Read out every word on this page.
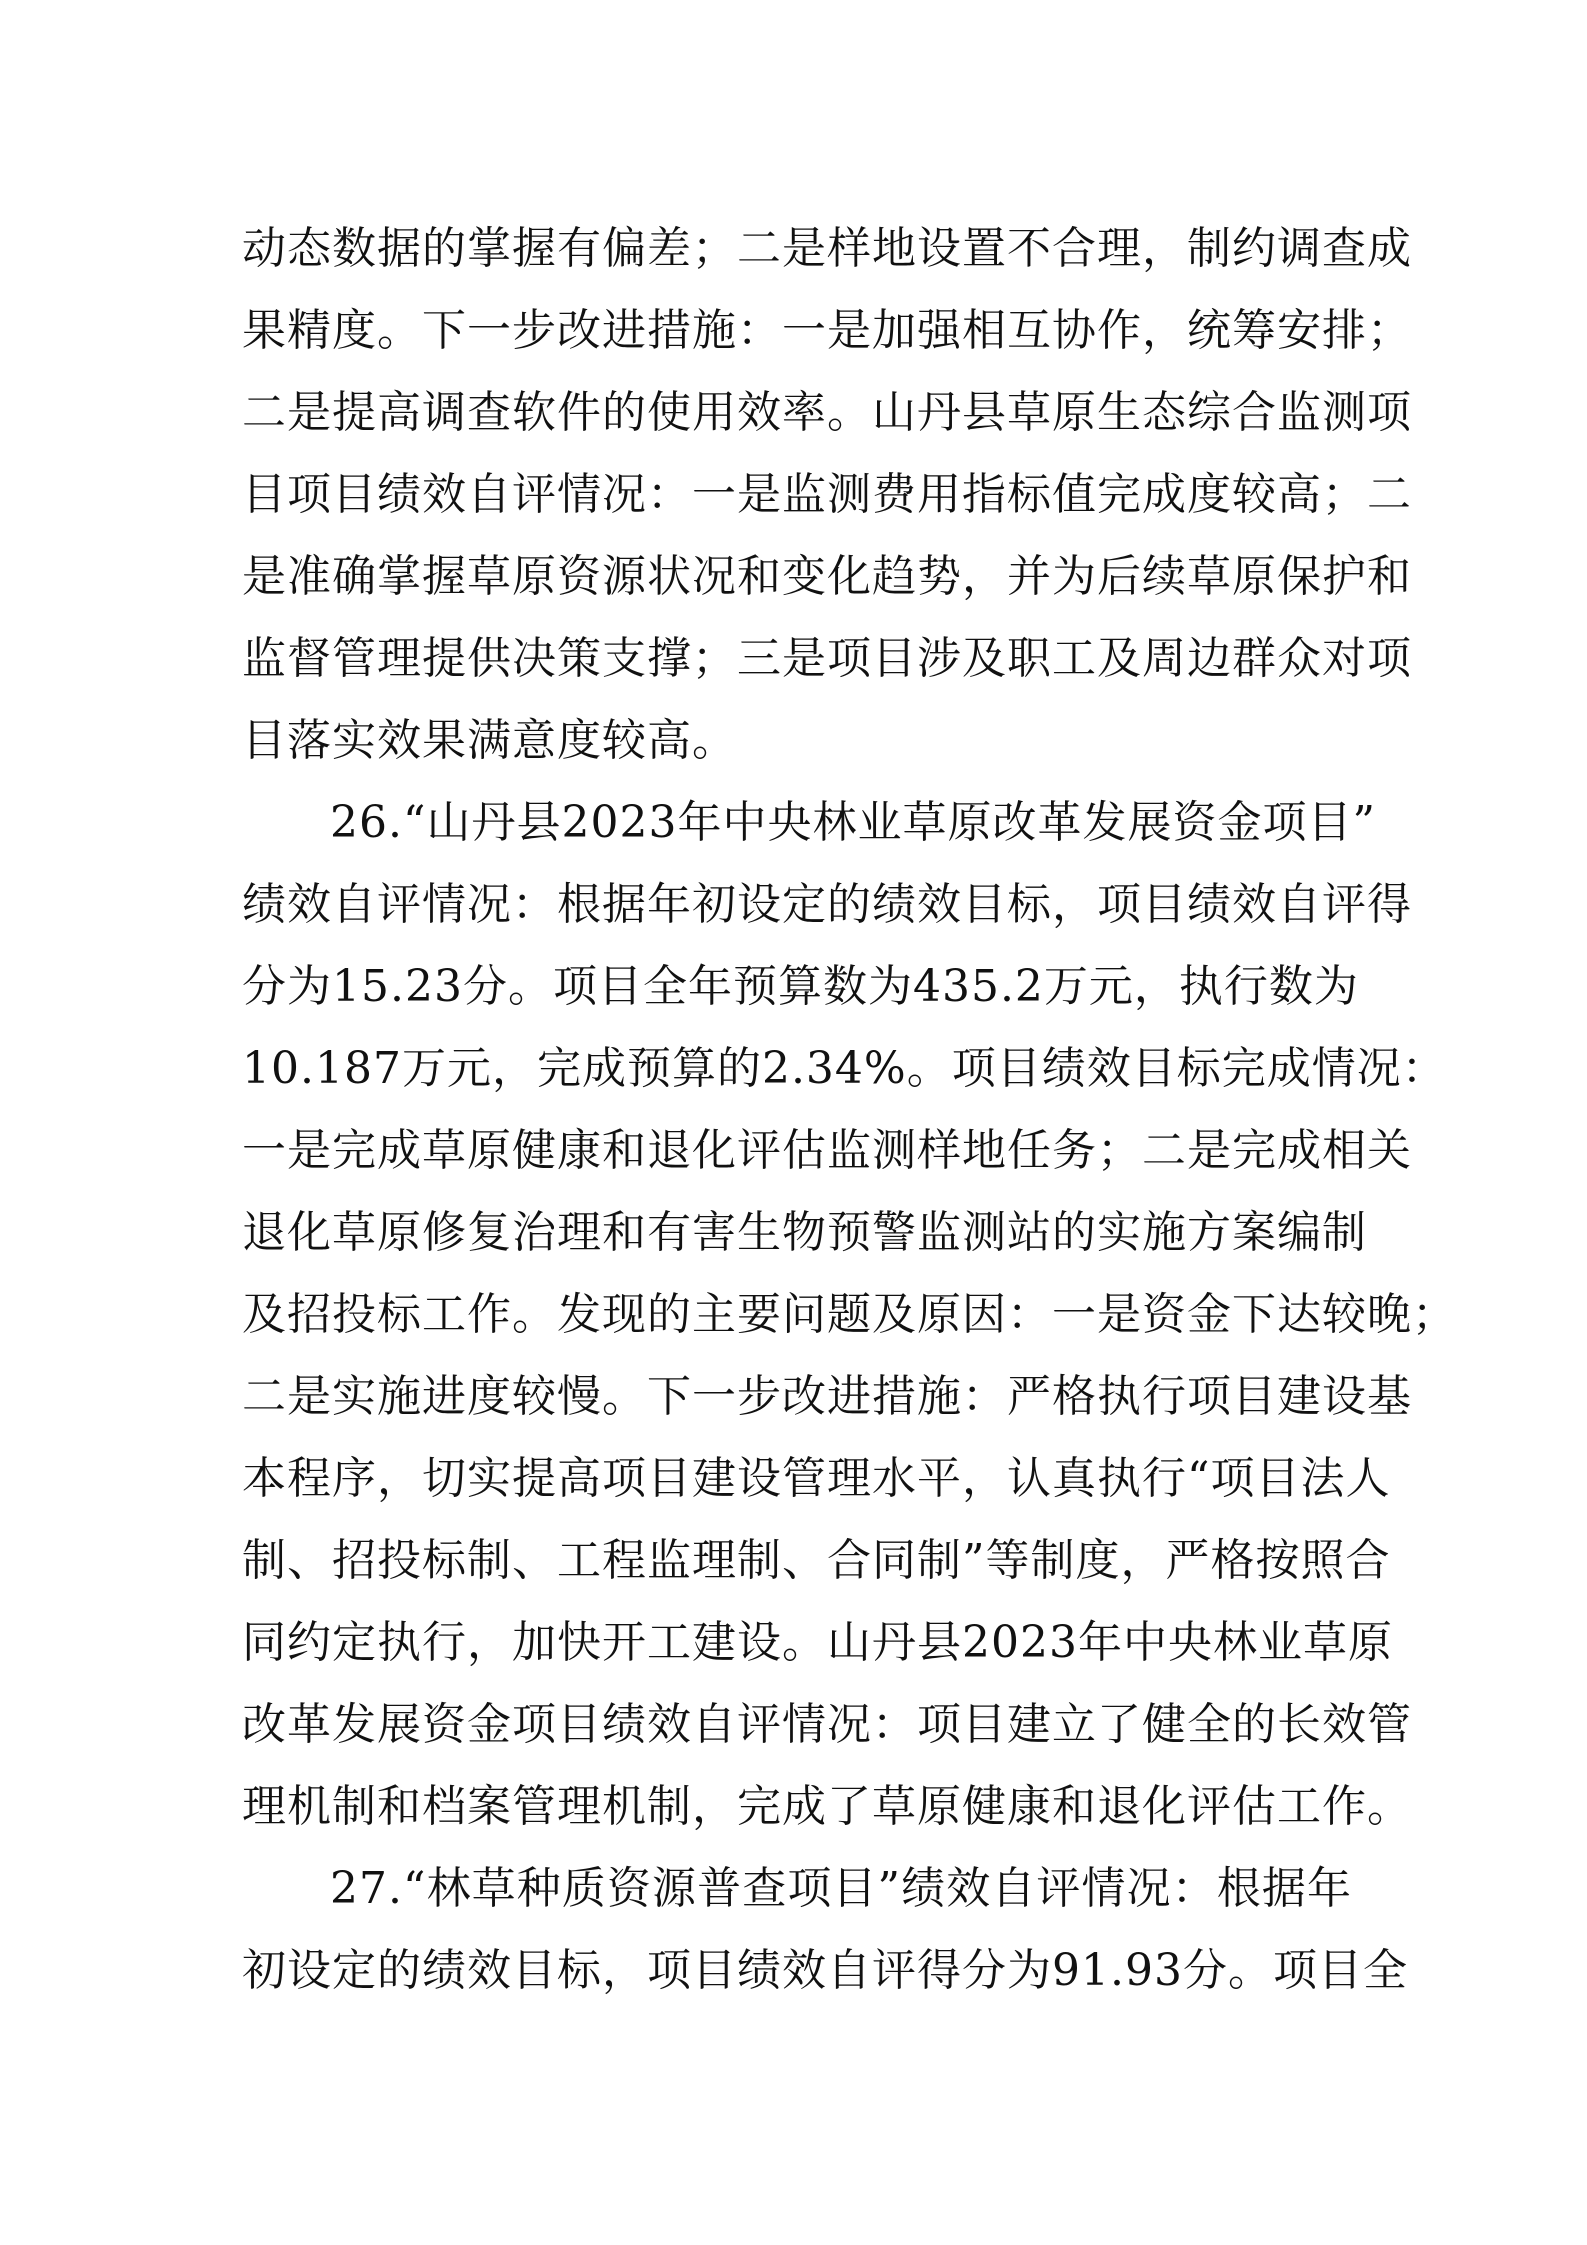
动态数据的掌握有偏差；二是样地设置不合理，制约调查成
果精度。下一步改进措施：一是加强相互协作，统筹安排；
二是提高调查软件的使用效率。山丹县草原生态综合监测项
目项目绩效自评情况：一是监测费用指标值完成度较高；二
是准确掌握草原资源状况和变化趋势，并为后续草原保护和
监督管理提供决策支撑；三是项目涉及职工及周边群众对项
目落实效果满意度较高。
26.“山丹县2023年中央林业草原改革发展资金项目”
绩效自评情况：根据年初设定的绩效目标，项目绩效自评得
分为15.23分。项目全年预算数为435.2万元，执行数为
10.187万元，完成预算的2.34%。项目绩效目标完成情况：
一是完成草原健康和退化评估监测样地任务；二是完成相关
退化草原修复治理和有害生物预警监测站的实施方案编制
及招投标工作。发现的主要问题及原因：一是资金下达较晚；
二是实施进度较慢。下一步改进措施：严格执行项目建设基
本程序，切实提高项目建设管理水平，认真执行“项目法人
制、招投标制、工程监理制、合同制”等制度，严格按照合
同约定执行，加快开工建设。山丹县2023年中央林业草原
改革发展资金项目绩效自评情况：项目建立了健全的长效管
理机制和档案管理机制，完成了草原健康和退化评估工作。
27.“林草种质资源普查项目”绩效自评情况：根据年
初设定的绩效目标，项目绩效自评得分为91.93分。项目全
